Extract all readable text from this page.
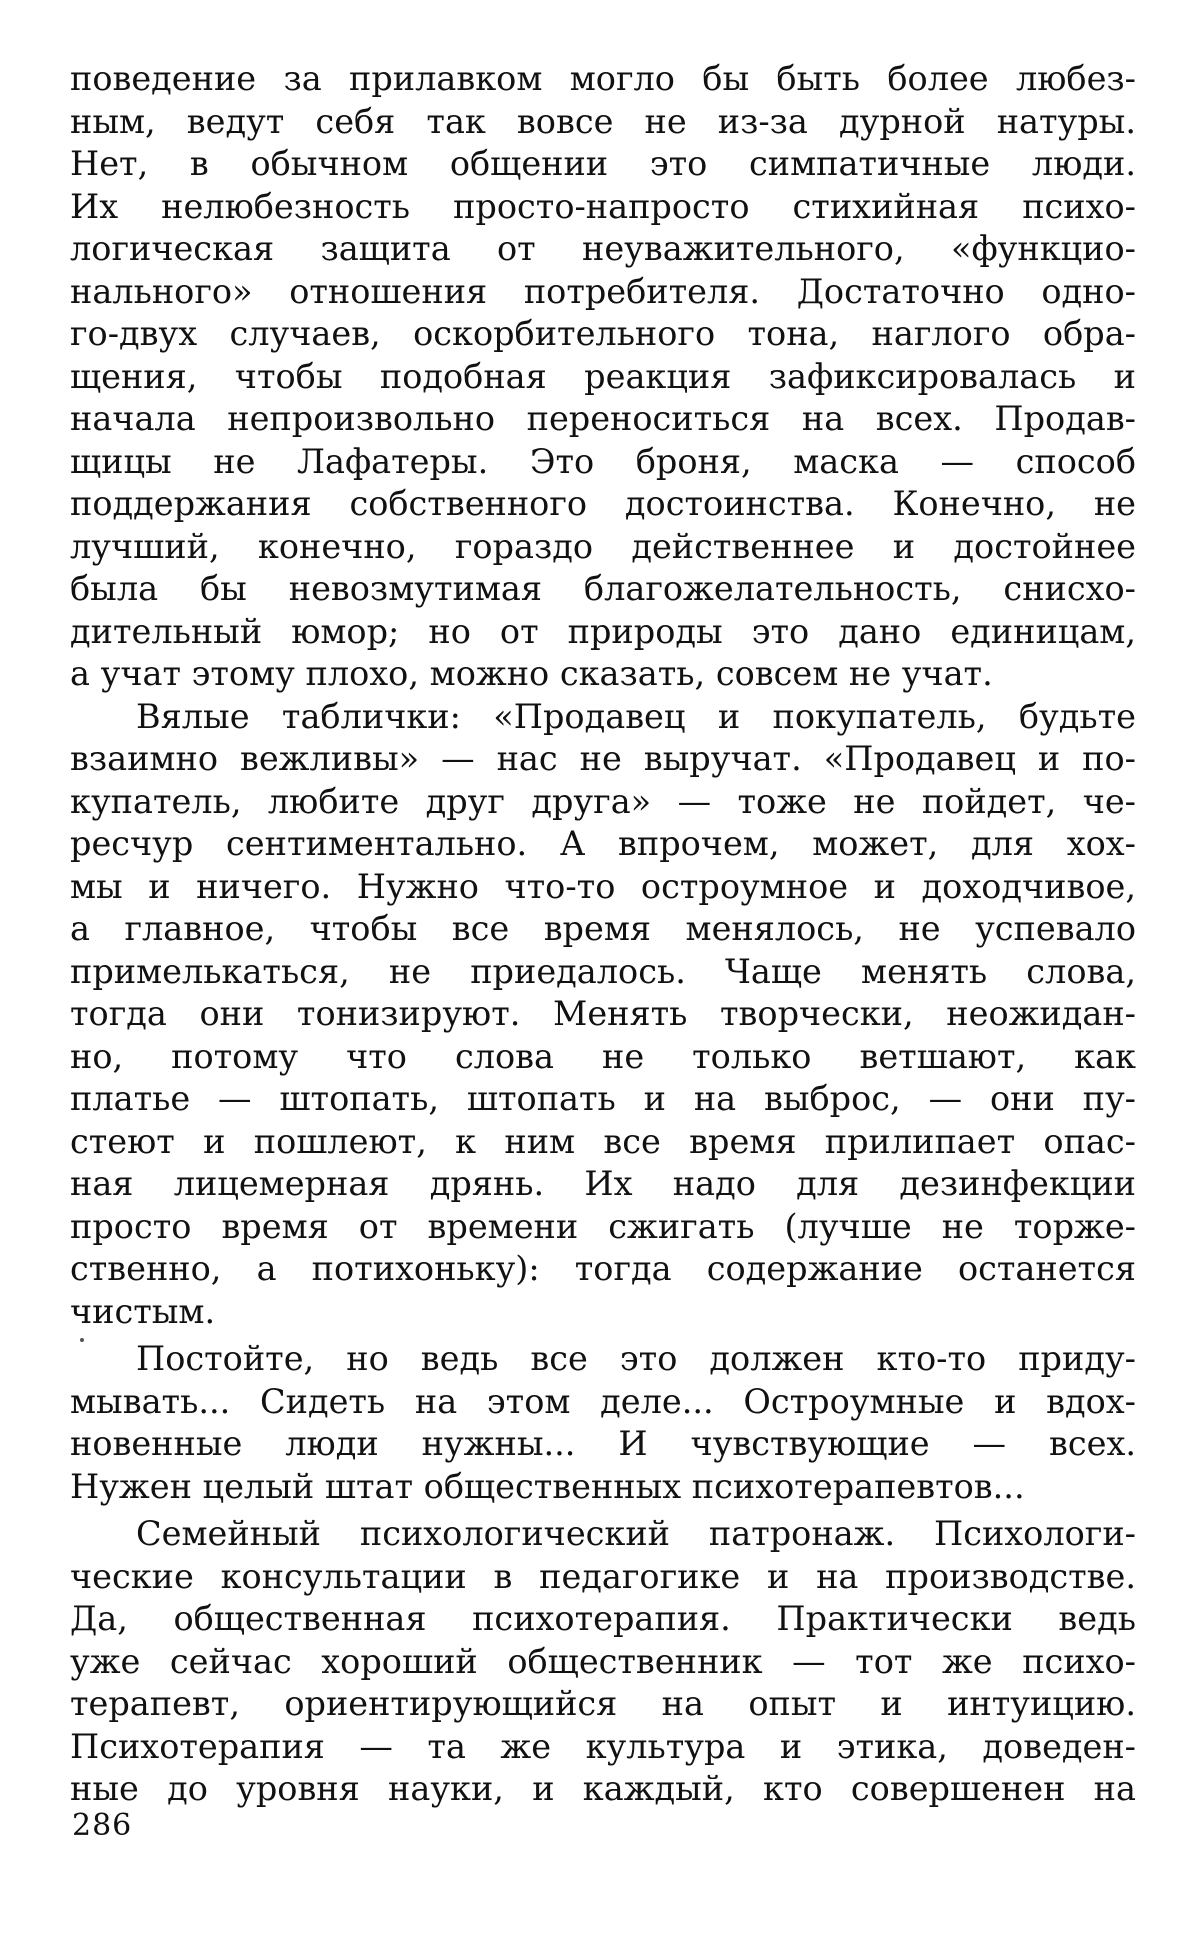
поведение за прилавком могло бы быть более любез-
ным, ведут себя так вовсе не из-за дурной натуры.
Нет, в обычном общении это симпатичные люди.
Их нелюбезность просто-напросто стихийная психо-
логическая защита от неуважительного, «функцио-
нального» отношения потребителя. Достаточно одно-
го-двух случаев, оскорбительного тона, наглого обра-
щения, чтобы подобная реакция зафиксировалась и
начала непроизвольно переноситься на всех. Продав-
щицы не Лафатеры. Это броня, маска — способ
поддержания собственного достоинства. Конечно, не
лучший, конечно, гораздо действеннее и достойнее
была бы невозмутимая благожелательность, снисхо-
дительный юмор; но от природы это дано единицам,
а учат этому плохо, можно сказать, совсем не учат.
Вялые таблички: «Продавец и покупатель, будьте
взаимно вежливы» — нас не выручат. «Продавец и по-
купатель, любите друг друга» — тоже не пойдет, че-
ресчур сентиментально. А впрочем, может, для хох-
мы и ничего. Нужно что-то остроумное и доходчивое,
а главное, чтобы все время менялось, не успевало
примелькаться, не приедалось. Чаще менять слова,
тогда они тонизируют. Менять творчески, неожидан-
но, потому что слова не только ветшают, как
платье — штопать, штопать и на выброс, — они пу-
стеют и пошлеют, к ним все время прилипает опас-
ная лицемерная дрянь. Их надо для дезинфекции
просто время от времени сжигать (лучше не торже-
ственно, а потихоньку): тогда содержание останется
чистым.
Постойте, но ведь все это должен кто-то приду-
мывать... Сидеть на этом деле... Остроумные и вдох-
новенные люди нужны... И чувствующие — всех.
Нужен целый штат общественных психотерапевтов...
Семейный психологический патронаж. Психологи-
ческие консультации в педагогике и на производстве.
Да, общественная психотерапия. Практически ведь
уже сейчас хороший общественник — тот же психо-
терапевт, ориентирующийся на опыт и интуицию.
Психотерапия — та же культура и этика, доведен-
ные до уровня науки, и каждый, кто совершенен на
286
